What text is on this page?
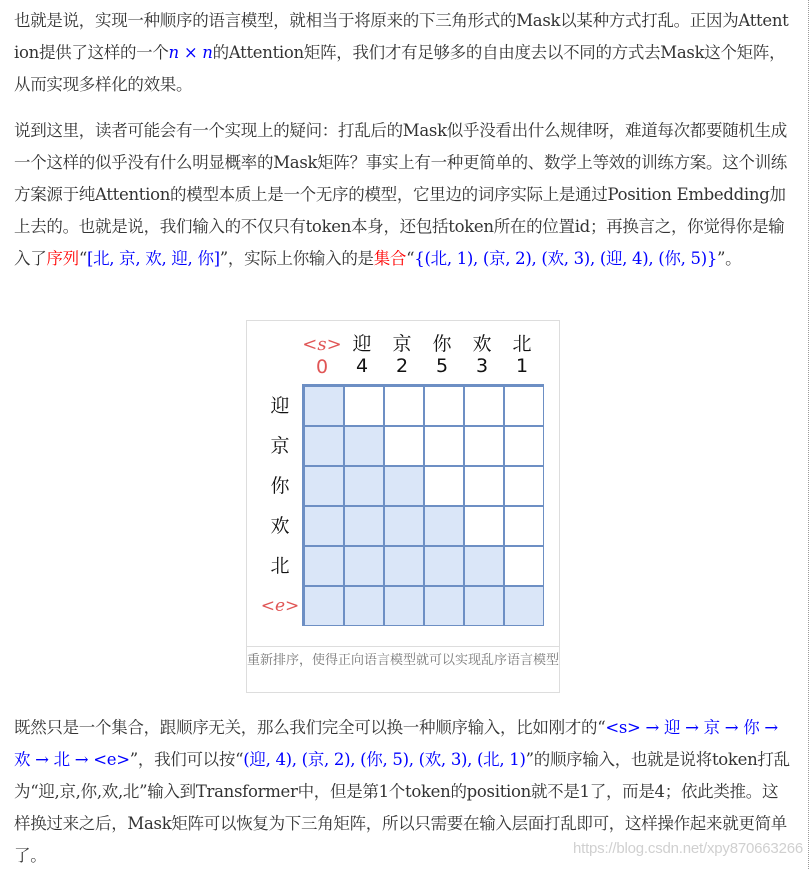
也就是说，实现一种顺序的语言模型，就相当于将原来的下三角形式的Mask以某种方式打乱。正因为Attention提供了这样的一个n × n的Attention矩阵，我们才有足够多的自由度去以不同的方式去Mask这个矩阵，从而实现多样化的效果。

说到这里，读者可能会有一个实现上的疑问：打乱后的Mask似乎没看出什么规律呀，难道每次都要随机生成一个这样的似乎没有什么明显概率的Mask矩阵？事实上有一种更简单的、数学上等效的训练方案。这个训练方案源于纯Attention的模型本质上是一个无序的模型，它里边的词序实际上是通过Position Embedding加上去的。也就是说，我们输入的不仅只有token本身，还包括token所在的位置id；再换言之，你觉得你是输入了序列“[北, 京, 欢, 迎, 你]”，实际上你输入的是集合“{(北, 1), (京, 2), (欢, 3), (迎, 4), (你, 5)}”。

既然只是一个集合，跟顺序无关，那么我们完全可以换一种顺序输入，比如刚才的“<s> → 迎 → 京 → 你 → 欢 → 北 → <e>”，我们可以按“(迎, 4), (京, 2), (你, 5), (欢, 3), (北, 1)”的顺序输入，也就是说将token打乱为“迎,京,你,欢,北”输入到Transformer中，但是第1个token的position就不是1了，而是4；依此类推。这样换过来之后，Mask矩阵可以恢复为下三角矩阵，所以只需要在输入层面打乱即可，这样操作起来就更简单了。

<s>
0
迎
4
京
2
你
5
欢
3
北
1
迎
京
你
欢
北
<e>
重新排序，使得正向语言模型就可以实现乱序语言模型
https://blog.csdn.net/xpy870663266
